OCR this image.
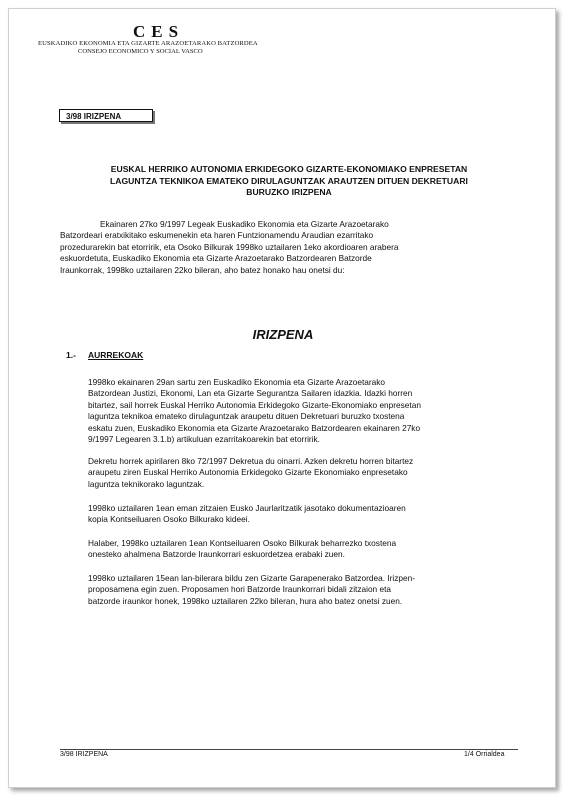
CES
EUSKADIKO EKONOMIA ETA GIZARTE ARAZOETARAKO BATZORDEA
CONSEJO ECONOMICO Y SOCIAL VASCO
3/98 IRIZPENA
EUSKAL HERRIKO AUTONOMIA ERKIDEGOKO GIZARTE-EKONOMIAKO ENPRESETAN
LAGUNTZA TEKNIKOA EMATEKO DIRULAGUNTZAK ARAUTZEN DITUEN DEKRETUARI
BURUZKO IRIZPENA
Ekainaren 27ko 9/1997 Legeak Euskadiko Ekonomia eta Gizarte Arazoetarako
Batzordeari eratxikitako eskumenekin eta haren Funtzionamendu Araudian ezarritako
prozedurarekin bat etorririk, eta Osoko Bilkurak 1998ko uztailaren 1eko akordioaren arabera
eskuordetuta, Euskadiko Ekonomia eta Gizarte Arazoetarako Batzordearen Batzorde
Iraunkorrak, 1998ko uztailaren 22ko bileran, aho batez honako hau onetsi du:
IRIZPENA
1.- AURREKOAK
1998ko ekainaren 29an sartu zen Euskadiko Ekonomia eta Gizarte Arazoetarako
Batzordean Justizi, Ekonomi, Lan eta Gizarte Segurantza Sailaren idazkia. Idazki horren
bitartez, sail horrek Euskal Herriko Autonomia Erkidegoko Gizarte-Ekonomiako enpresetan
laguntza teknikoa emateko dirulaguntzak araupetu dituen Dekretuari buruzko txostena
eskatu zuen, Euskadiko Ekonomia eta Gizarte Arazoetarako Batzordearen ekainaren 27ko
9/1997 Legearen 3.1.b) artikuluan ezarritakoarekin bat etorririk.
Dekretu horrek apirilaren 8ko 72/1997 Dekretua du oinarri. Azken dekretu horren bitartez
araupetu ziren Euskal Herriko Autonomia Erkidegoko Gizarte Ekonomiako enpresetako
laguntza teknikorako laguntzak.
1998ko uztailaren 1ean eman zitzaien Eusko Jaurlaritzatik jasotako dokumentazioaren
kopia Kontseiluaren Osoko Bilkurako kideei.
Halaber, 1998ko uztailaren 1ean Kontseiluaren Osoko Bilkurak beharrezko txostena
onesteko ahalmena Batzorde Iraunkorrari eskuordetzea erabaki zuen.
1998ko uztailaren 15ean lan-bilerara bildu zen Gizarte Garapenerako Batzordea. Irizpen-
proposamena egin zuen. Proposamen hori Batzorde Iraunkorrari bidali zitzaion eta
batzorde iraunkor honek, 1998ko uztailaren 22ko bileran, hura aho batez onetsi zuen.
3/98 IRIZPENA	1/4 Orrialdea
